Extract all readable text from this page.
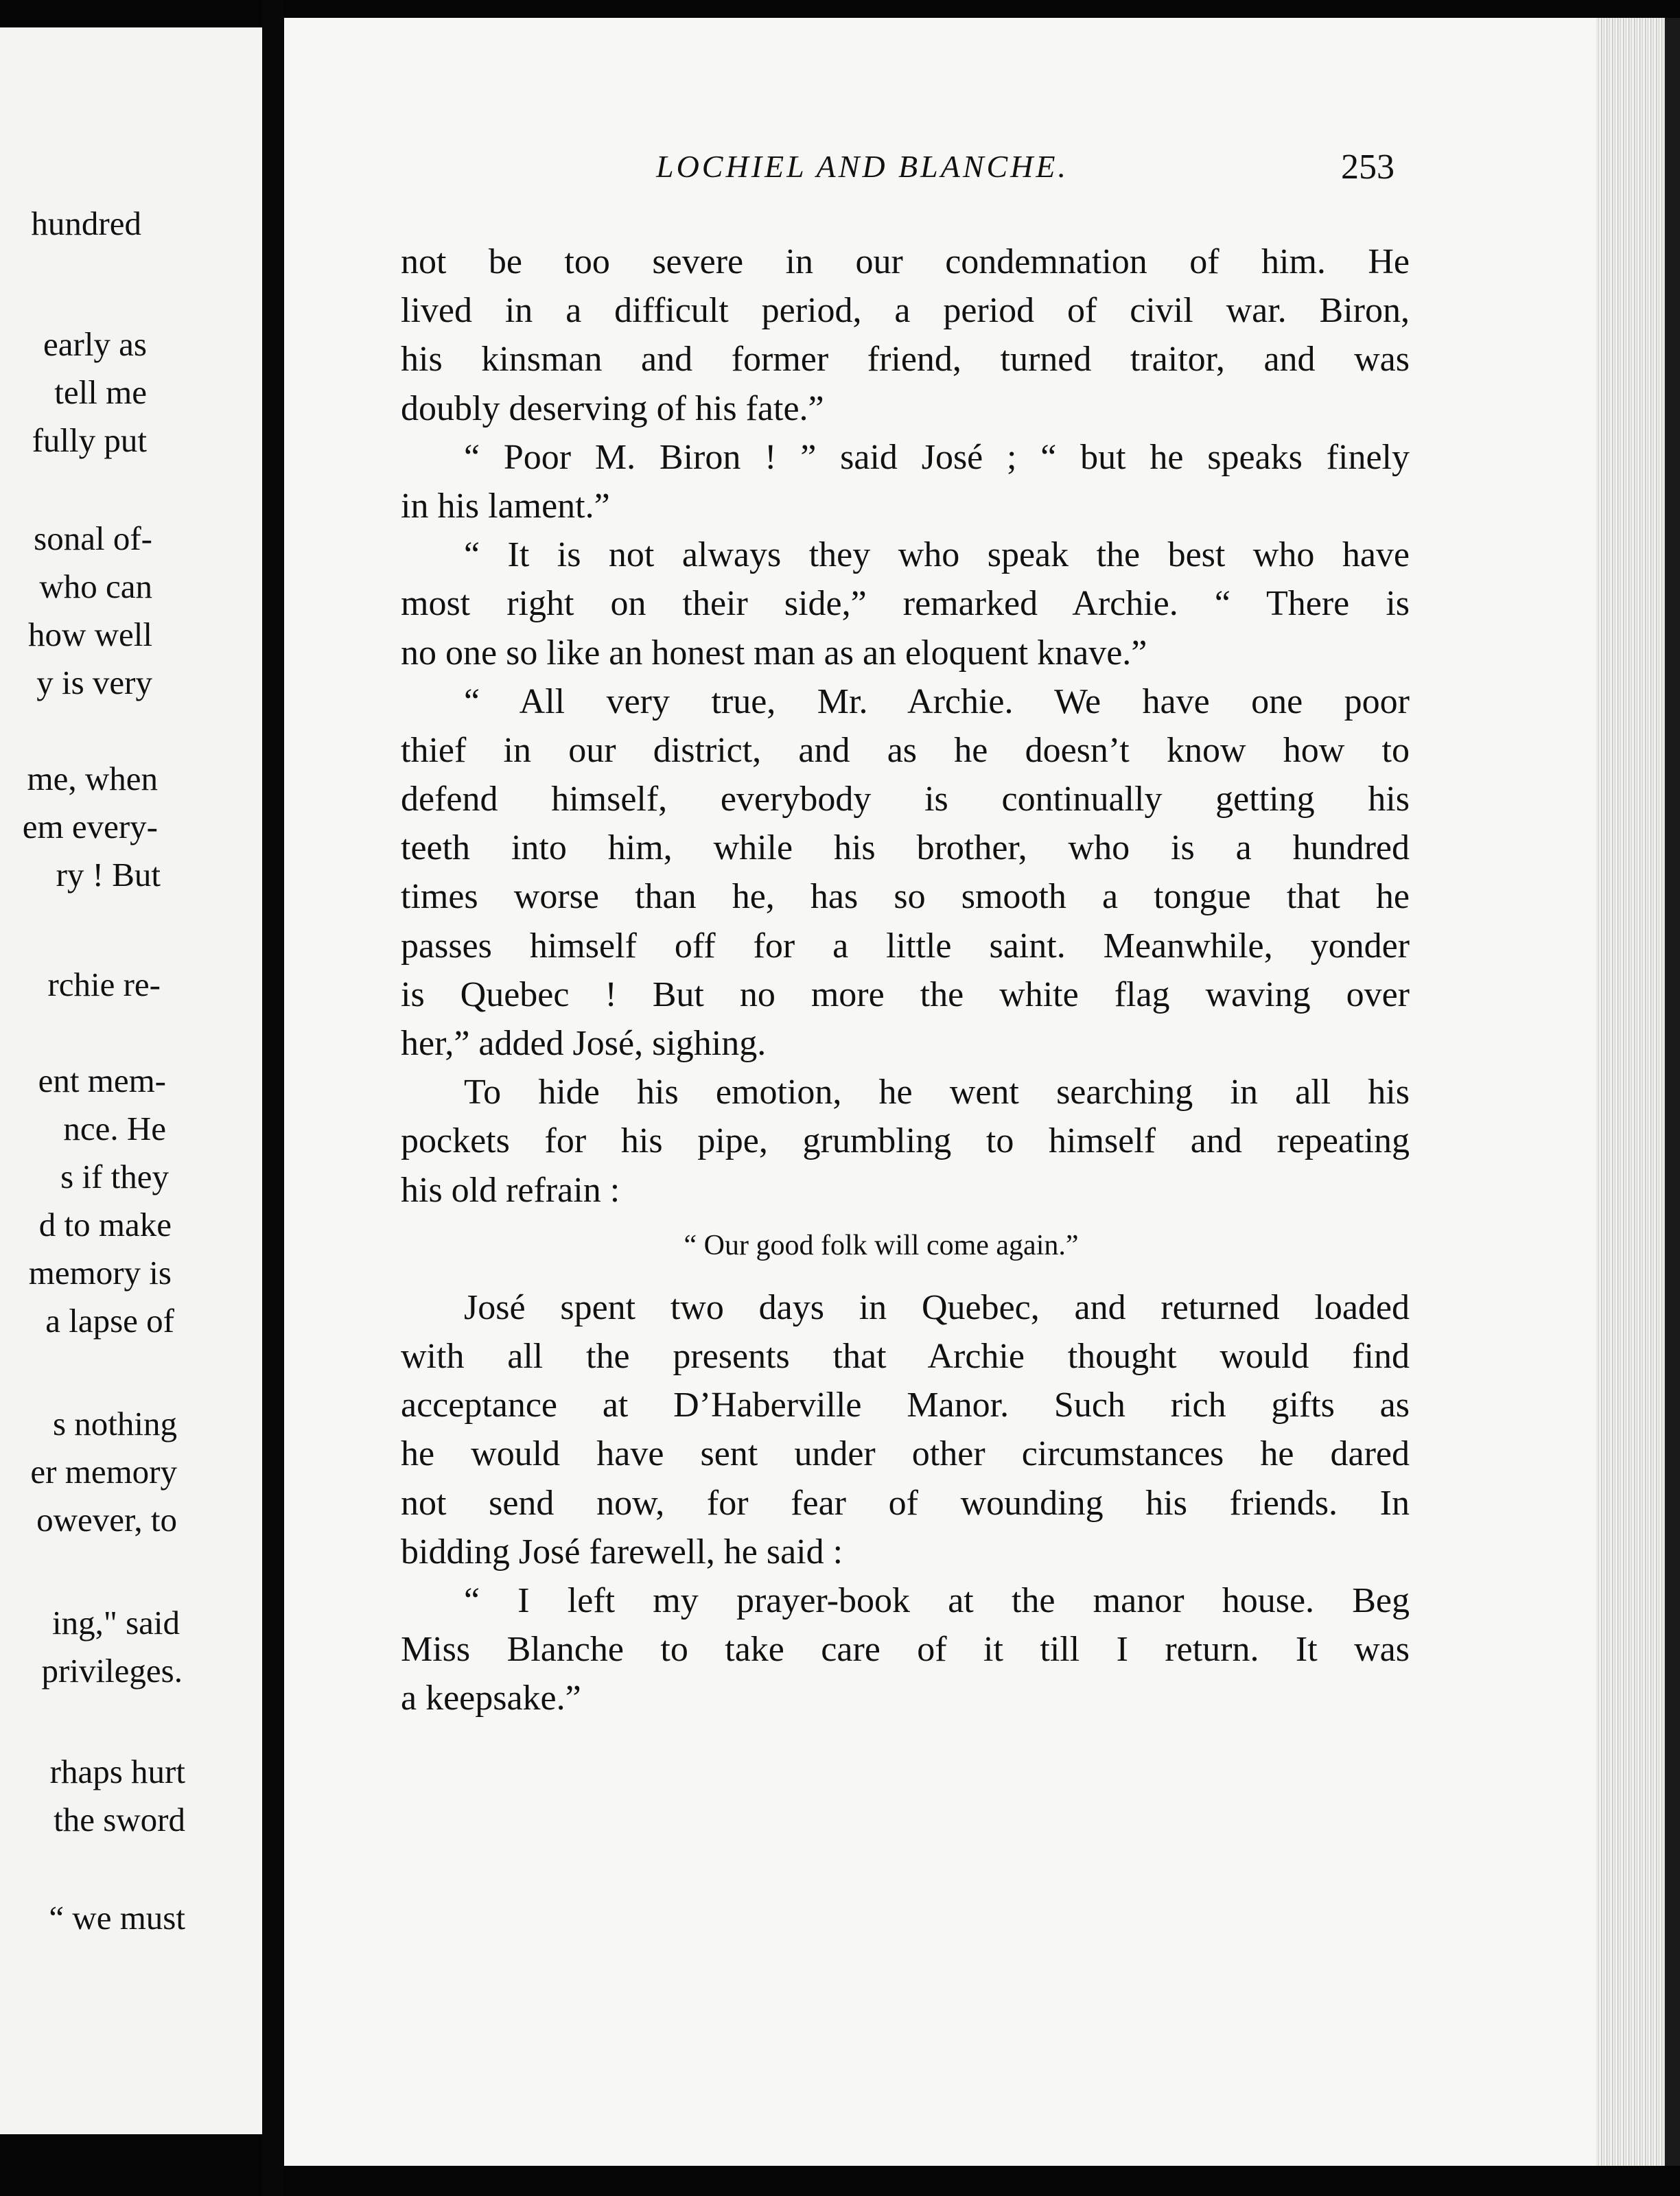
hundred
early as
tell me
fully put
sonal of-
who can
how well
y is very
me, when
em every-
ry ! But
rchie re-
ent mem-
nce. He
s if they
d to make
memory is
a lapse of
s nothing
er memory
owever, to
ing," said
privileges.
rhaps hurt
the sword
“ we must
LOCHIEL AND BLANCHE.	253
not be too severe in our condemnation of him. He
lived in a difficult period, a period of civil war. Biron,
his kinsman and former friend, turned traitor, and was
doubly deserving of his fate.”
“ Poor M. Biron ! ” said José ; “ but he speaks finely
in his lament.”
“ It is not always they who speak the best who have
most right on their side,” remarked Archie. “ There is
no one so like an honest man as an eloquent knave.”
“ All very true, Mr. Archie. We have one poor
thief in our district, and as he doesn’t know how to
defend himself, everybody is continually getting his
teeth into him, while his brother, who is a hundred
times worse than he, has so smooth a tongue that he
passes himself off for a little saint. Meanwhile, yonder
is Quebec ! But no more the white flag waving over
her,” added José, sighing.
To hide his emotion, he went searching in all his
pockets for his pipe, grumbling to himself and repeating
his old refrain :
“ Our good folk will come again.”
José spent two days in Quebec, and returned loaded
with all the presents that Archie thought would find
acceptance at D’Haberville Manor. Such rich gifts as
he would have sent under other circumstances he dared
not send now, for fear of wounding his friends. In
bidding José farewell, he said :
“ I left my prayer-book at the manor house. Beg
Miss Blanche to take care of it till I return. It was
a keepsake.”
